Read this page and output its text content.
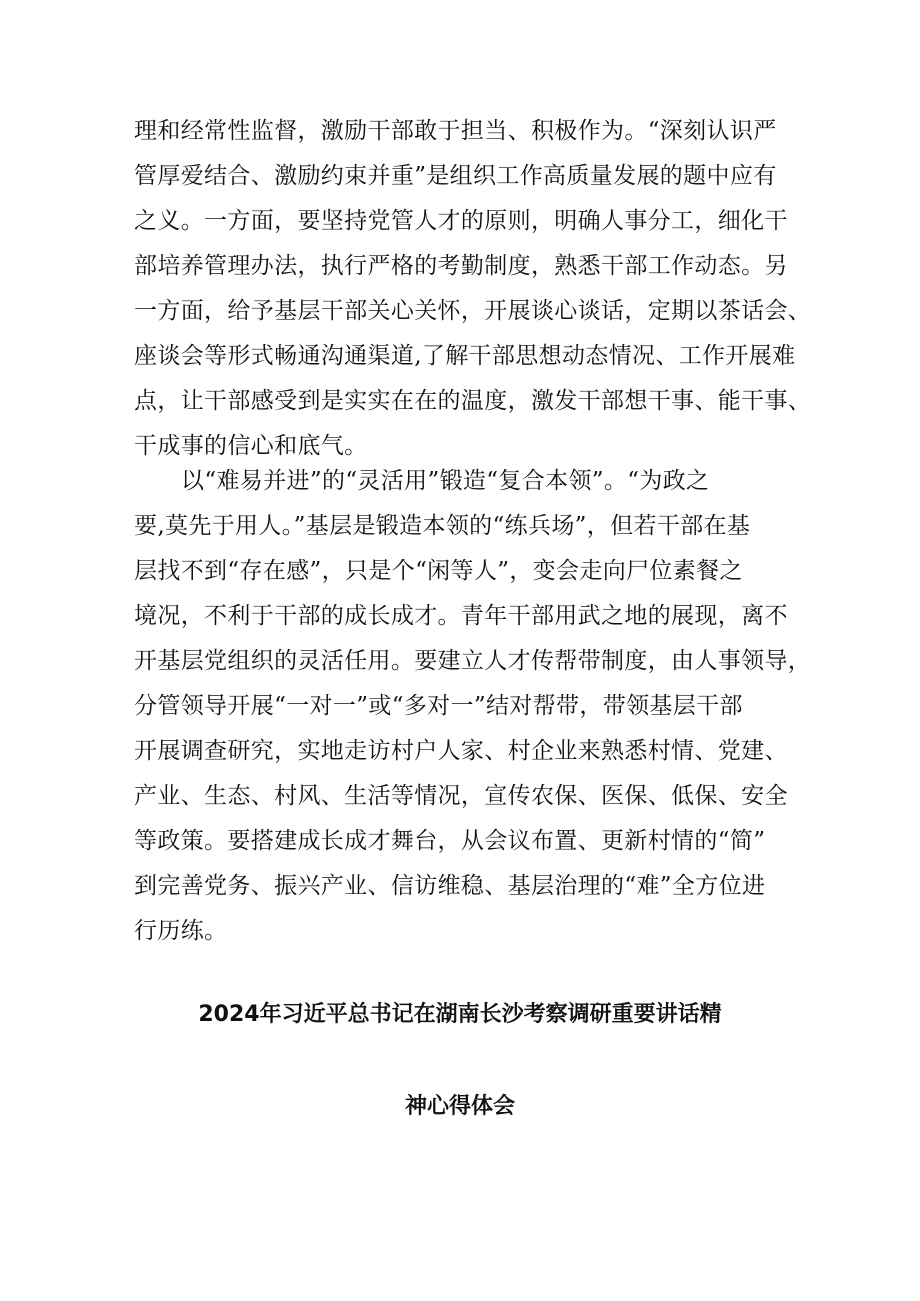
理和经常性监督，激励干部敢于担当、积极作为。“深刻认识严
管厚爱结合、激励约束并重”是组织工作高质量发展的题中应有
之义。一方面，要坚持党管人才的原则，明确人事分工，细化干
部培养管理办法，执行严格的考勤制度，熟悉干部工作动态。另
一方面，给予基层干部关心关怀，开展谈心谈话，定期以茶话会、
座谈会等形式畅通沟通渠道,了解干部思想动态情况、工作开展难
点，让干部感受到是实实在在的温度，激发干部想干事、能干事、
干成事的信心和底气。
以“难易并进”的“灵活用”锻造“复合本领”。“为政之
要,莫先于用人。”基层是锻造本领的“练兵场”，但若干部在基
层找不到“存在感”，只是个“闲等人”，变会走向尸位素餐之
境况，不利于干部的成长成才。青年干部用武之地的展现，离不
开基层党组织的灵活任用。要建立人才传帮带制度，由人事领导，
分管领导开展“一对一”或“多对一”结对帮带，带领基层干部
开展调查研究，实地走访村户人家、村企业来熟悉村情、党建、
产业、生态、村风、生活等情况，宣传农保、医保、低保、安全
等政策。要搭建成长成才舞台，从会议布置、更新村情的“简”
到完善党务、振兴产业、信访维稳、基层治理的“难”全方位进
行历练。
2024年习近平总书记在湖南长沙考察调研重要讲话精
神心得体会
